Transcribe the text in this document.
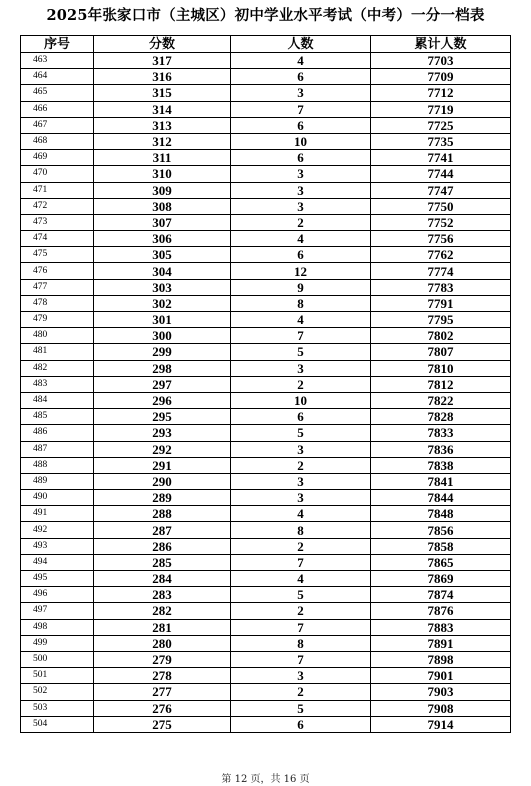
2025年张家口市（主城区）初中学业水平考试（中考）一分一档表
序号	分数	人数	累计人数
463	317	4	7703
464	316	6	7709
465	315	3	7712
466	314	7	7719
467	313	6	7725
468	312	10	7735
469	311	6	7741
470	310	3	7744
471	309	3	7747
472	308	3	7750
473	307	2	7752
474	306	4	7756
475	305	6	7762
476	304	12	7774
477	303	9	7783
478	302	8	7791
479	301	4	7795
480	300	7	7802
481	299	5	7807
482	298	3	7810
483	297	2	7812
484	296	10	7822
485	295	6	7828
486	293	5	7833
487	292	3	7836
488	291	2	7838
489	290	3	7841
490	289	3	7844
491	288	4	7848
492	287	8	7856
493	286	2	7858
494	285	7	7865
495	284	4	7869
496	283	5	7874
497	282	2	7876
498	281	7	7883
499	280	8	7891
500	279	7	7898
501	278	3	7901
502	277	2	7903
503	276	5	7908
504	275	6	7914
第 12 页，共 16 页
